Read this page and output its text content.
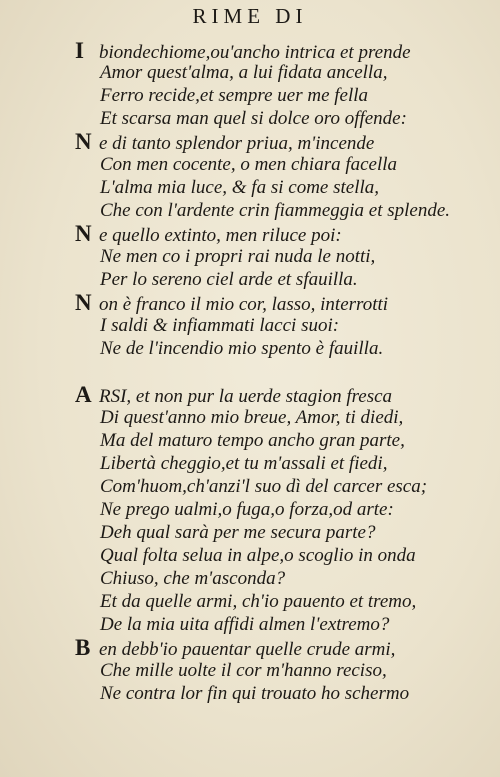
RIME DI
I biondechiome,ou'ancho intrica et prende
Amor quest'alma, a lui fidata ancella,
Ferro recide,et sempre uer me fella
Et scarsa man quel si dolce oro offende:
N e di tanto splendor priua, m'incende
Con men cocente, o men chiara facella
L'alma mia luce, & fa si come stella,
Che con l'ardente crin fiammeggia et splende.
N e quello extinto, men riluce poi:
Ne men co i propri rai nuda le notti,
Per lo sereno ciel arde et sfauilla.
N on è franco il mio cor, lasso, interrotti
I saldi & infiammati lacci suoi:
Ne de l'incendio mio spento è fauilla.
A RSI, et non pur la uerde stagion fresca
Di quest'anno mio breue, Amor, ti diedi,
Ma del maturo tempo ancho gran parte,
Libertà cheggio,et tu m'assali et fiedi,
Com'huom,ch'anzi'l suo dì del carcer esca;
Ne prego ualmi,o fuga,o forza,od arte:
Deh qual sarà per me secura parte?
Qual folta selua in alpe,o scoglio in onda
Chiuso, che m'asconda?
Et da quelle armi, ch'io pauento et tremo,
De la mia uita affidi almen l'extremo?
B en debb'io pauentar quelle crude armi,
Che mille uolte il cor m'hanno reciso,
Ne contra lor fin qui trouato ho schermo
